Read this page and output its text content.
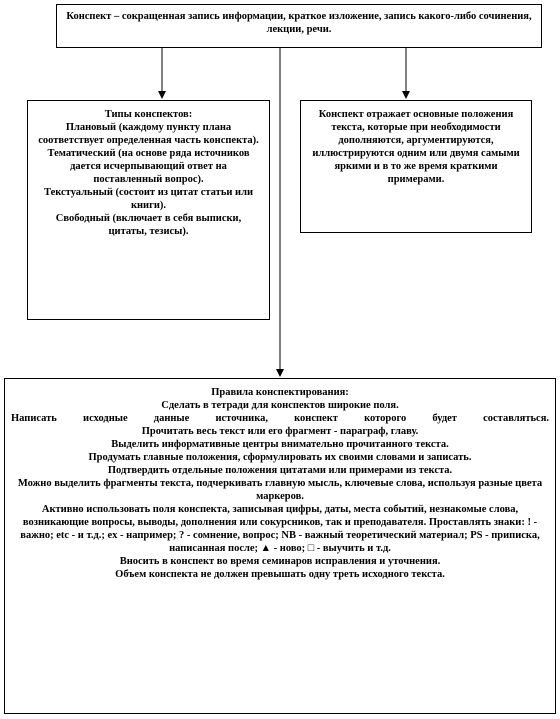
Конспект – сокращенная запись информации, краткое изложение, запись какого-либо сочинения, лекции, речи.
Типы конспектов:
Плановый (каждому пункту плана соответствует определенная часть конспекта).
Тематический (на основе ряда источников дается исчерпывающий ответ на поставленный вопрос).
Текстуальный (состоит из цитат статьи или книги).
Свободный (включает в себя выписки, цитаты, тезисы).
Конспект отражает основные положения текста, которые при необходимости дополняются, аргументируются, иллюстрируются одним или двумя самыми яркими и в то же время краткими примерами.
Правила конспектирования:
Сделать в тетради для конспектов широкие поля.
Написать исходные данные источника, конспект которого будет составляться.
Прочитать весь текст или его фрагмент - параграф, главу.
Выделить информативные центры внимательно прочитанного текста.
Продумать главные положения, сформулировать их своими словами и записать.
Подтвердить отдельные положения цитатами или примерами из текста.
Можно выделить фрагменты текста, подчеркивать главную мысль, ключевые слова, используя разные цвета маркеров.
Активно использовать поля конспекта, записывая цифры, даты, места событий, незнакомые слова, возникающие вопросы, выводы, дополнения или сокурсников, так и преподавателя. Проставлять знаки: ! - важно; etc - и т.д.; ex - например; ? - сомнение, вопрос; NB - важный теоретический материал; PS - приписка, написанная после; ▲ - ново; □ - выучить и т.д.
Вносить в конспект во время семинаров исправления и уточнения.
Объем конспекта не должен превышать одну треть исходного текста.
